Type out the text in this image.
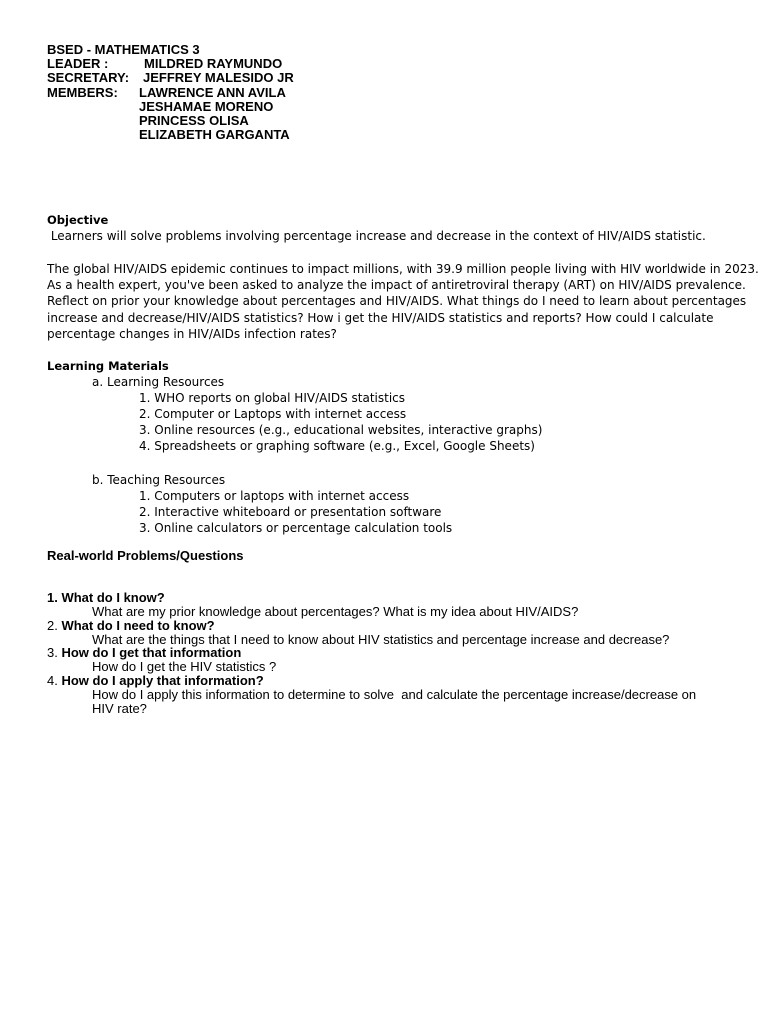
BSED - MATHEMATICS 3
LEADER :	MILDRED RAYMUNDO
SECRETARY: JEFFREY MALESIDO JR
MEMBERS: LAWRENCE ANN AVILA
JESHAMAE MORENO
PRINCESS OLISA
ELIZABETH GARGANTA
Objective
Learners will solve problems involving percentage increase and decrease in the context of HIV/AIDS statistic.
The global HIV/AIDS epidemic continues to impact millions, with 39.9 million people living with HIV worldwide in 2023.
As a health expert, you've been asked to analyze the impact of antiretroviral therapy (ART) on HIV/AIDS prevalence.
Reflect on prior your knowledge about percentages and HIV/AIDS. What things do I need to learn about percentages
increase and decrease/HIV/AIDS statistics? How i get the HIV/AIDS statistics and reports? How could I calculate
percentage changes in HIV/AIDs infection rates?
Learning Materials
a. Learning Resources
1. WHO reports on global HIV/AIDS statistics
2. Computer or Laptops with internet access
3. Online resources (e.g., educational websites, interactive graphs)
4. Spreadsheets or graphing software (e.g., Excel, Google Sheets)
b. Teaching Resources
1. Computers or laptops with internet access
2. Interactive whiteboard or presentation software
3. Online calculators or percentage calculation tools
Real-world Problems/Questions
1. What do I know?
What are my prior knowledge about percentages? What is my idea about HIV/AIDS?
2. What do I need to know?
What are the things that I need to know about HIV statistics and percentage increase and decrease?
3. How do I get that information
How do I get the HIV statistics ?
4. How do I apply that information?
How do I apply this information to determine to solve  and calculate the percentage increase/decrease on
HIV rate?
